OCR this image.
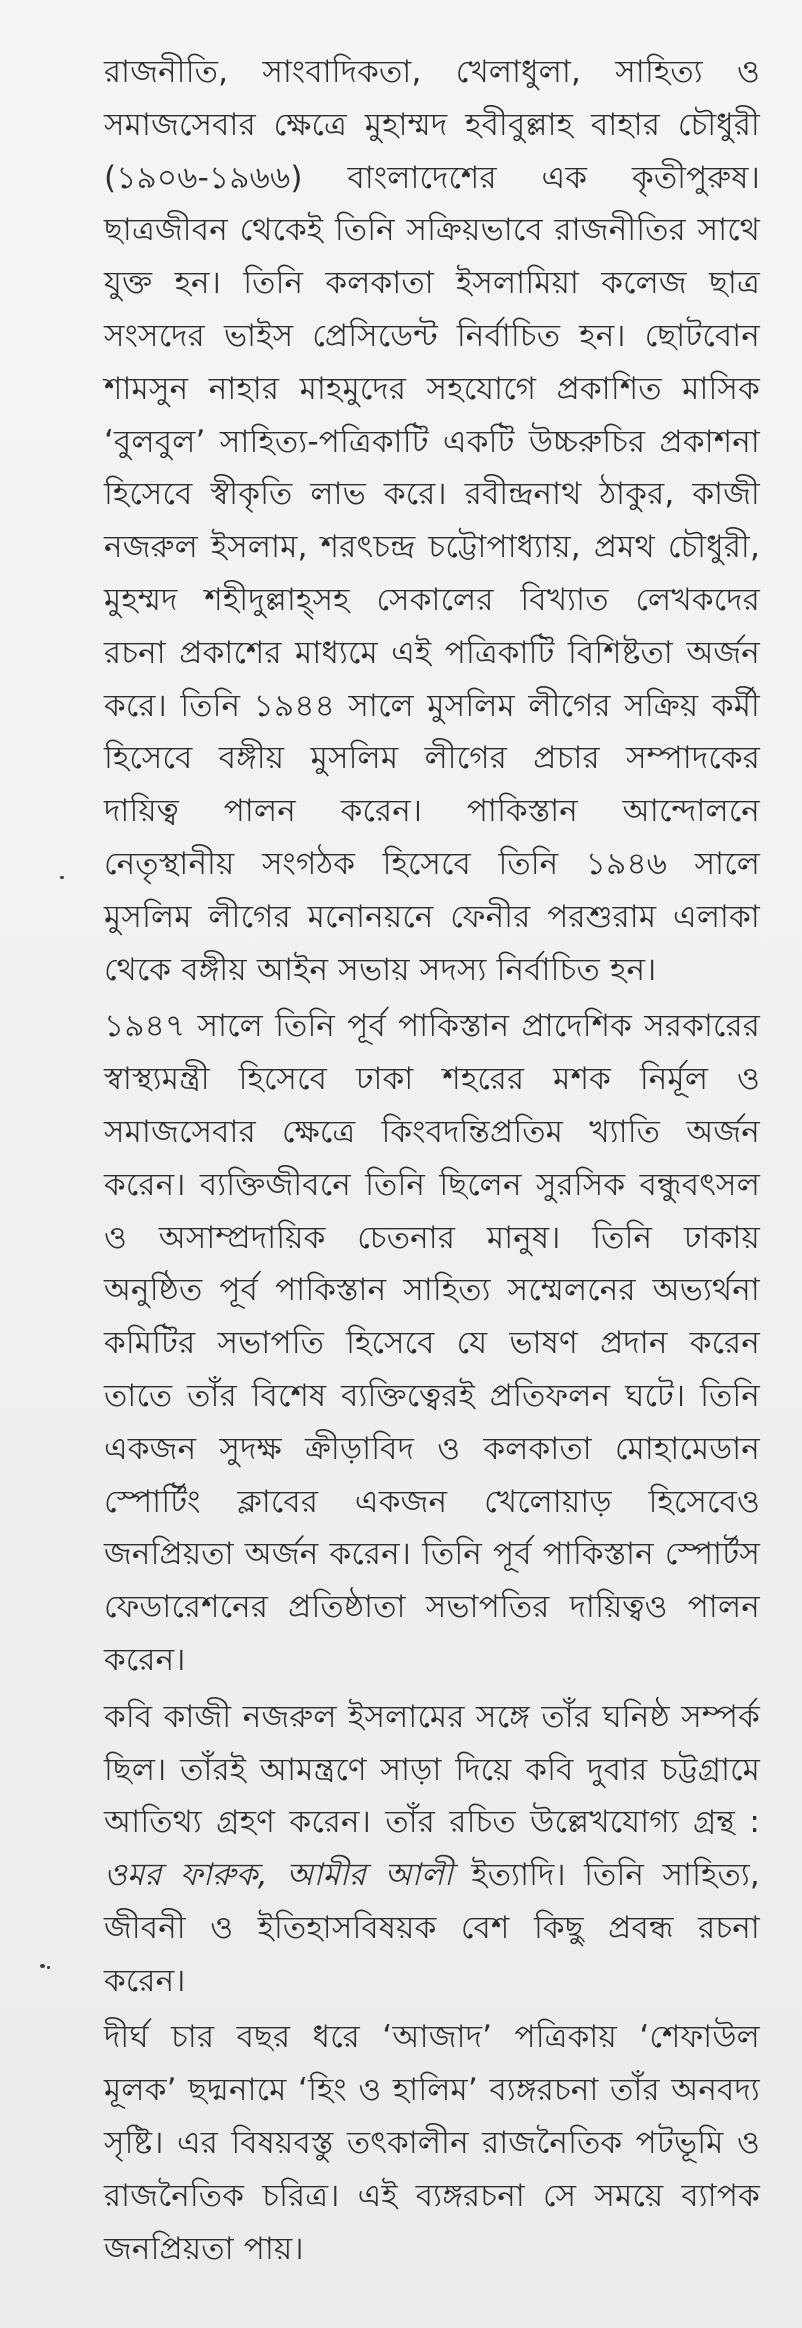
রাজনীতি, সাংবাদিকতা, খেলাধুলা, সাহিত্য ও সমাজসেবার ক্ষেত্রে মুহাম্মদ হবীবুল্লাহ বাহার চৌধুরী (১৯০৬-১৯৬৬) বাংলাদেশের এক কৃতীপুরুষ। ছাত্রজীবন থেকেই তিনি সক্রিয়ভাবে রাজনীতির সাথে যুক্ত হন। তিনি কলকাতা ইসলামিয়া কলেজ ছাত্র সংসদের ভাইস প্রেসিডেন্ট নির্বাচিত হন। ছোটবোন শামসুন নাহার মাহমুদের সহযোগে প্রকাশিত মাসিক ‘বুলবুল’ সাহিত্য-পত্রিকাটি একটি উচ্চরুচির প্রকাশনা হিসেবে স্বীকৃতি লাভ করে। রবীন্দ্রনাথ ঠাকুর, কাজী নজরুল ইসলাম, শরৎচন্দ্র চট্টোপাধ্যায়, প্রমথ চৌধুরী, মুহম্মদ শহীদুল্লাহ্সহ সেকালের বিখ্যাত লেখকদের রচনা প্রকাশের মাধ্যমে এই পত্রিকাটি বিশিষ্টতা অর্জন করে। তিনি ১৯৪৪ সালে মুসলিম লীগের সক্রিয় কর্মী হিসেবে বঙ্গীয় মুসলিম লীগের প্রচার সম্পাদকের দায়িত্ব পালন করেন। পাকিস্তান আন্দোলনে নেতৃস্থানীয় সংগঠক হিসেবে তিনি ১৯৪৬ সালে মুসলিম লীগের মনোনয়নে ফেনীর পরশুরাম এলাকা থেকে বঙ্গীয় আইন সভায় সদস্য নির্বাচিত হন।

১৯৪৭ সালে তিনি পূর্ব পাকিস্তান প্রাদেশিক সরকারের স্বাস্থ্যমন্ত্রী হিসেবে ঢাকা শহরের মশক নির্মূল ও সমাজসেবার ক্ষেত্রে কিংবদন্তিপ্রতিম খ্যাতি অর্জন করেন। ব্যক্তিজীবনে তিনি ছিলেন সুরসিক বন্ধুবৎসল ও অসাম্প্রদায়িক চেতনার মানুষ। তিনি ঢাকায় অনুষ্ঠিত পূর্ব পাকিস্তান সাহিত্য সম্মেলনের অভ্যর্থনা কমিটির সভাপতি হিসেবে যে ভাষণ প্রদান করেন তাতে তাঁর বিশেষ ব্যক্তিত্বেরই প্রতিফলন ঘটে। তিনি একজন সুদক্ষ ক্রীড়াবিদ ও কলকাতা মোহামেডান স্পোর্টিং ক্লাবের একজন খেলোয়াড় হিসেবেও জনপ্রিয়তা অর্জন করেন। তিনি পূর্ব পাকিস্তান স্পোর্টস ফেডারেশনের প্রতিষ্ঠাতা সভাপতির দায়িত্বও পালন করেন।

কবি কাজী নজরুল ইসলামের সঙ্গে তাঁর ঘনিষ্ঠ সম্পর্ক ছিল। তাঁরই আমন্ত্রণে সাড়া দিয়ে কবি দুবার চট্টগ্রামে আতিথ্য গ্রহণ করেন। তাঁর রচিত উল্লেখযোগ্য গ্রন্থ : ওমর ফারুক, আমীর আলী ইত্যাদি। তিনি সাহিত্য, জীবনী ও ইতিহাসবিষয়ক বেশ কিছু প্রবন্ধ রচনা করেন।

দীর্ঘ চার বছর ধরে ‘আজাদ’ পত্রিকায় ‘শেফাউল মূলক’ ছদ্মনামে ‘হিং ও হালিম’ ব্যঙ্গরচনা তাঁর অনবদ্য সৃষ্টি। এর বিষয়বস্তু তৎকালীন রাজনৈতিক পটভূমি ও রাজনৈতিক চরিত্র। এই ব্যঙ্গরচনা সে সময়ে ব্যাপক জনপ্রিয়তা পায়।
